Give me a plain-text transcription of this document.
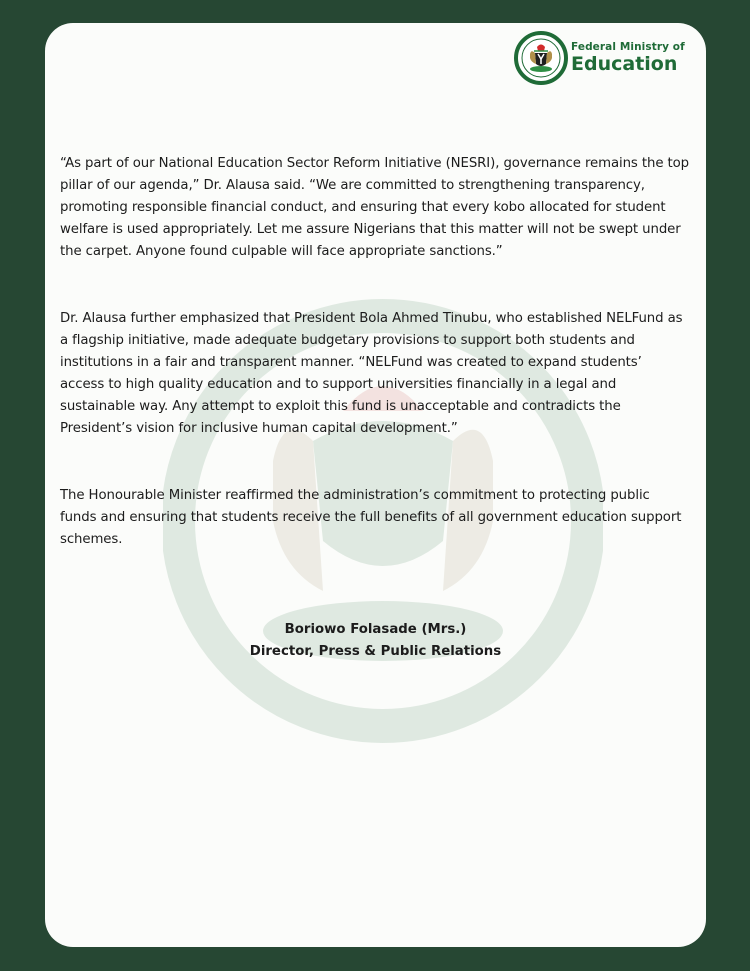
Federal Ministry of
Education

“As part of our National Education Sector Reform Initiative (NESRI), governance remains the top pillar of our agenda,” Dr. Alausa said. “We are committed to strengthening transparency, promoting responsible financial conduct, and ensuring that every kobo allocated for student welfare is used appropriately. Let me assure Nigerians that this matter will not be swept under the carpet. Anyone found culpable will face appropriate sanctions.”

Dr. Alausa further emphasized that President Bola Ahmed Tinubu, who established NELFund as a flagship initiative, made adequate budgetary provisions to support both students and institutions in a fair and transparent manner. “NELFund was created to expand students’ access to high quality education and to support universities financially in a legal and sustainable way. Any attempt to exploit this fund is unacceptable and contradicts the President’s vision for inclusive human capital development.”

The Honourable Minister reaffirmed the administration’s commitment to protecting public funds and ensuring that students receive the full benefits of all government education support schemes.

Boriowo Folasade (Mrs.)
Director, Press & Public Relations
